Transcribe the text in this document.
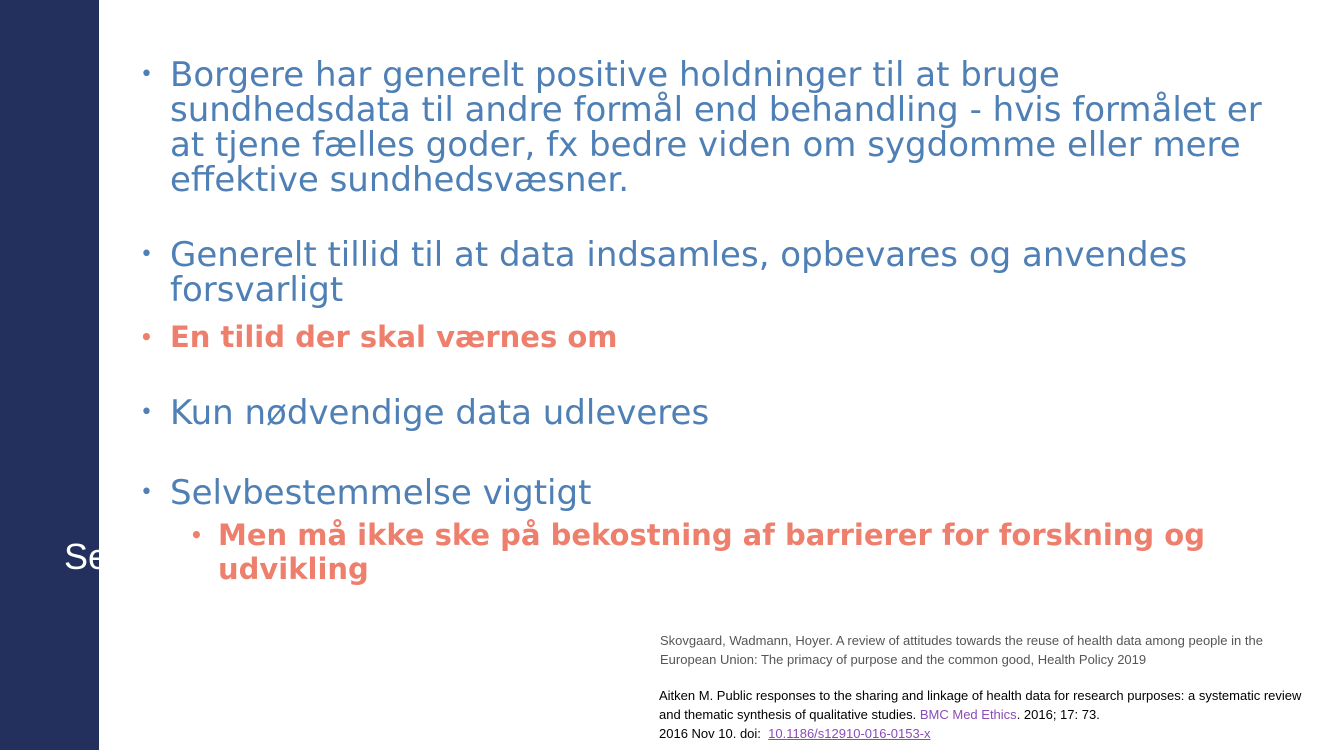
Se
• Borgere har generelt positive holdninger til at bruge sundhedsdata til andre formål end behandling - hvis formålet er at tjene fælles goder, fx bedre viden om sygdomme eller mere effektive sundhedsvæsner.
• Generelt tillid til at data indsamles, opbevares og anvendes forsvarligt
• En tilid der skal værnes om
• Kun nødvendige data udleveres
• Selvbestemmelse vigtigt
• Men må ikke ske på bekostning af barrierer for forskning og udvikling
Skovgaard, Wadmann, Hoyer. A review of attitudes towards the reuse of health data among people in the European Union: The primacy of purpose and the common good, Health Policy 2019
Aitken M. Public responses to the sharing and linkage of health data for research purposes: a systematic review and thematic synthesis of qualitative studies. BMC Med Ethics. 2016; 17: 73.
2016 Nov 10. doi: 10.1186/s12910-016-0153-x
